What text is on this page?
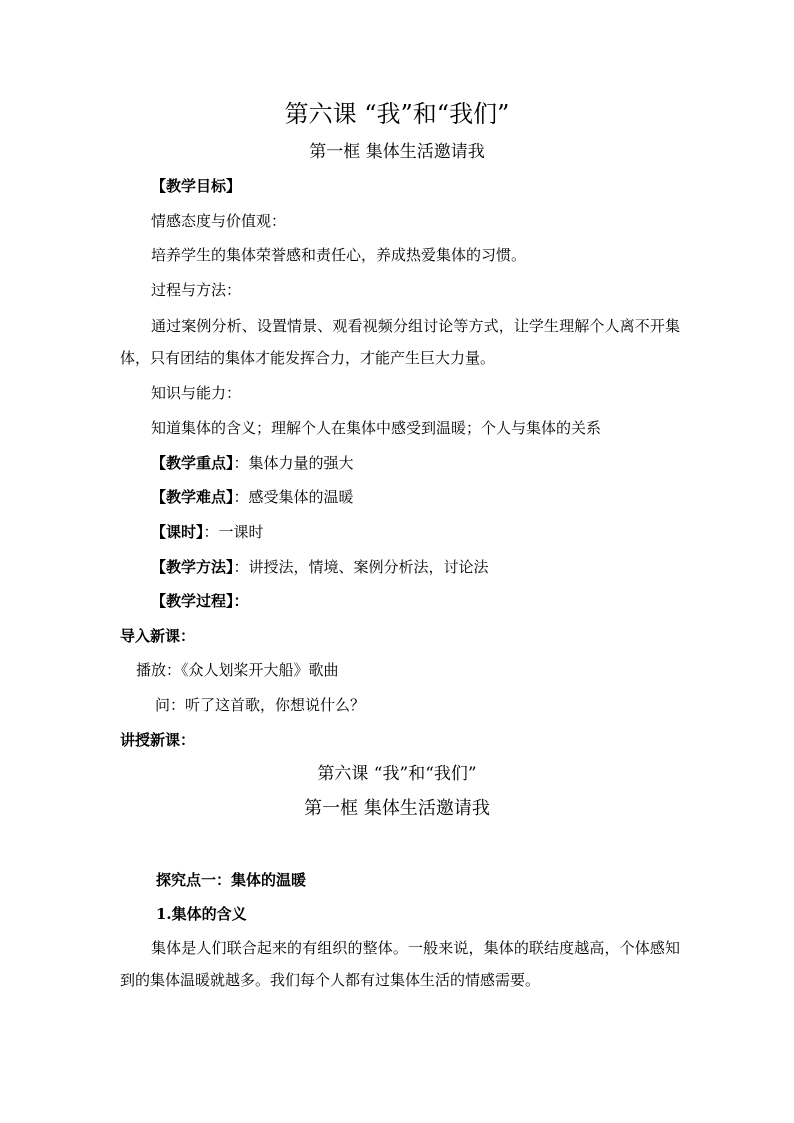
第六课 “我”和“我们”
第一框 集体生活邀请我
【教学目标】
情感态度与价值观：
培养学生的集体荣誉感和责任心，养成热爱集体的习惯。
过程与方法：
通过案例分析、设置情景、观看视频分组讨论等方式，让学生理解个人离不开集体，只有团结的集体才能发挥合力，才能产生巨大力量。
知识与能力：
知道集体的含义；理解个人在集体中感受到温暖；个人与集体的关系
【教学重点】：集体力量的强大
【教学难点】：感受集体的温暖
【课时】：一课时
【教学方法】：讲授法，情境、案例分析法，讨论法
【教学过程】：
导入新课：
播放：《众人划桨开大船》歌曲
问：听了这首歌，你想说什么？
讲授新课：
第六课 “我”和“我们”
第一框 集体生活邀请我
探究点一：集体的温暖
1.集体的含义
集体是人们联合起来的有组织的整体。一般来说，集体的联结度越高，个体感知到的集体温暖就越多。我们每个人都有过集体生活的情感需要。
